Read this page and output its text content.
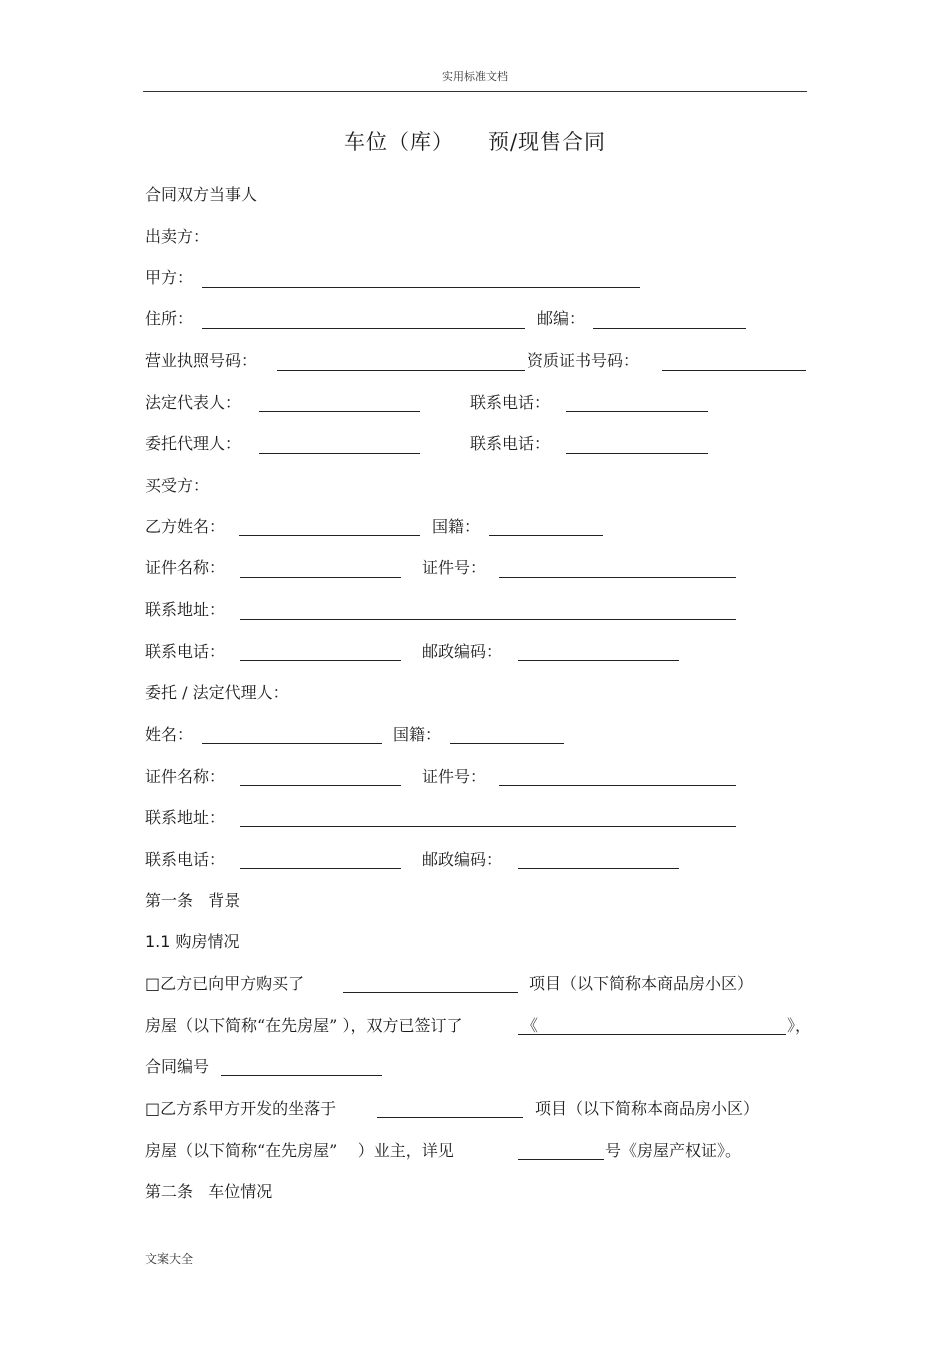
实用标准文档
车位（库） 预/现售合同
合同双方当事人
出卖方：
甲方：
住所：	邮编：
营业执照号码：	资质证书号码：
法定代表人：	联系电话：
委托代理人：	联系电话：
买受方：
乙方姓名：	国籍：
证件名称：	证件号：
联系地址：
联系电话：	邮政编码：
委托 / 法定代理人：
姓名：	国籍：
证件名称：	证件号：
联系地址：
联系电话：	邮政编码：
第一条   背景
1.1 购房情况
□乙方已向甲方购买了	项目（以下简称本商品房小区）
房屋（以下简称“在先房屋” ），双方已签订了	《	》，
合同编号
□乙方系甲方开发的坐落于	项目（以下简称本商品房小区）
房屋（以下简称“在先房屋”    ）业主，详见	号《房屋产权证》。
第二条   车位情况
文案大全
